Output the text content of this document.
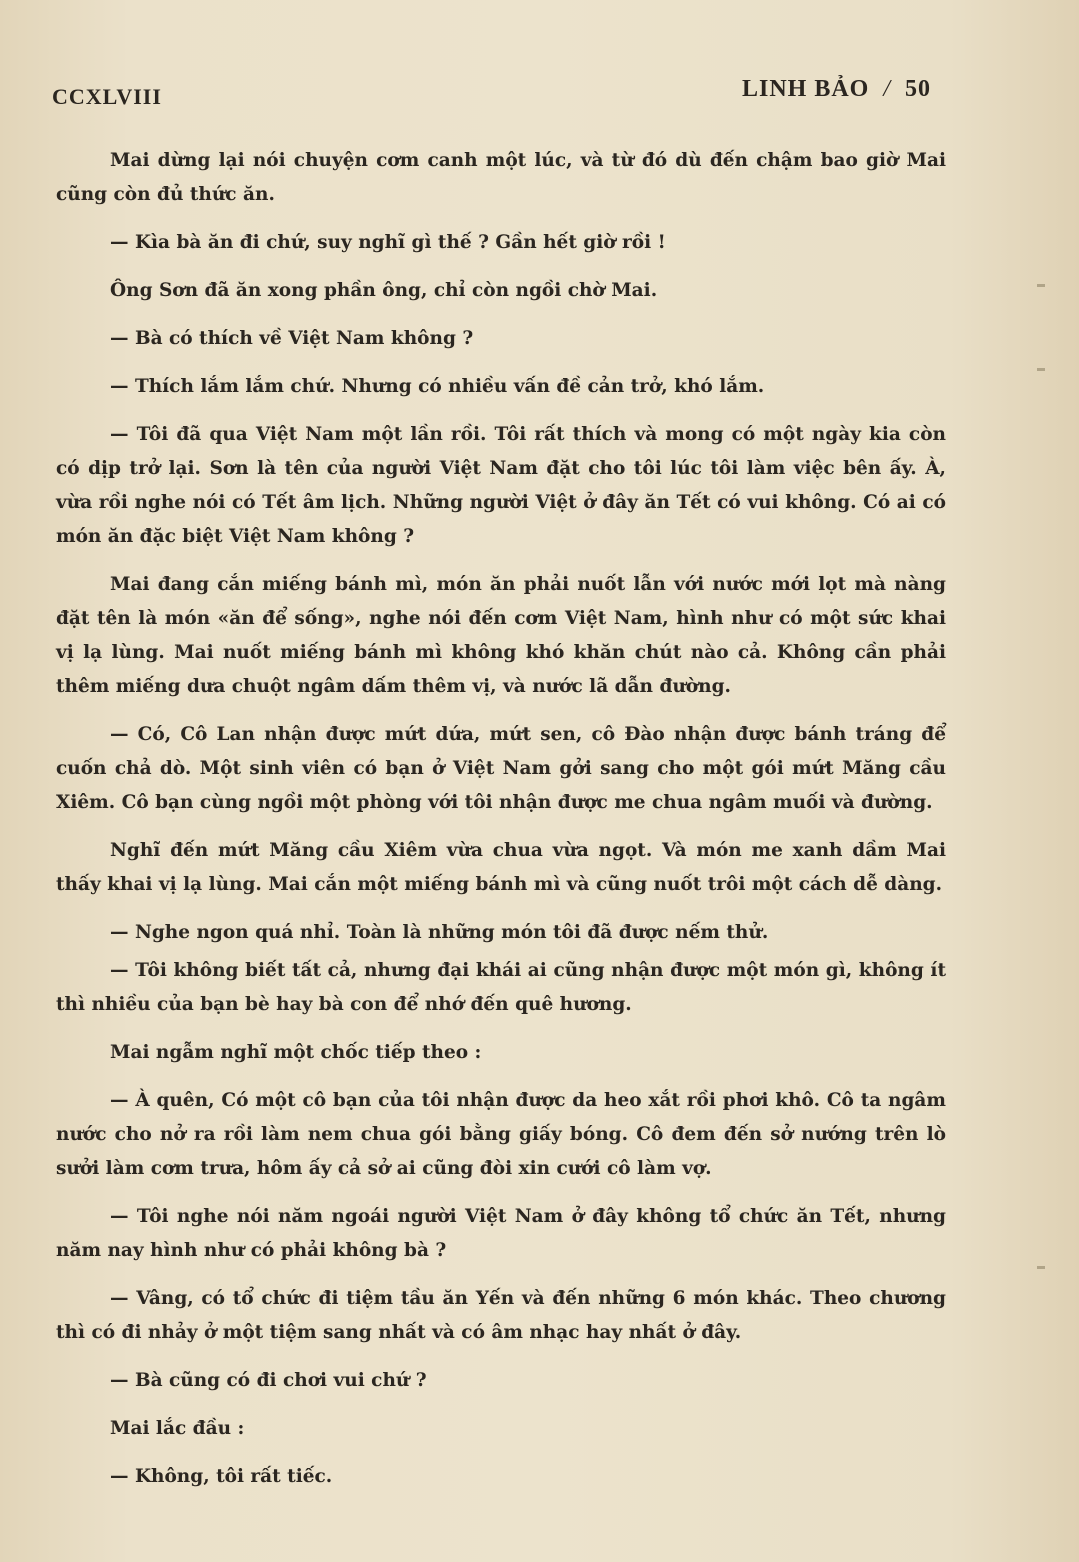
CCXLVIII	LINH BẢO / 50

Mai dừng lại nói chuyện cơm canh một lúc, và từ đó dù đến chậm bao giờ Mai cũng còn đủ thức ăn.

— Kìa bà ăn đi chứ, suy nghĩ gì thế ? Gần hết giờ rồi !

Ông Sơn đã ăn xong phần ông, chỉ còn ngồi chờ Mai.

— Bà có thích về Việt Nam không ?

— Thích lắm lắm chứ. Nhưng có nhiều vấn đề cản trở, khó lắm.

— Tôi đã qua Việt Nam một lần rồi. Tôi rất thích và mong có một ngày kia còn có dịp trở lại. Sơn là tên của người Việt Nam đặt cho tôi lúc tôi làm việc bên ấy. À, vừa rồi nghe nói có Tết âm lịch. Những người Việt ở đây ăn Tết có vui không. Có ai có món ăn đặc biệt Việt Nam không ?

Mai đang cắn miếng bánh mì, món ăn phải nuốt lẫn với nước mới lọt mà nàng đặt tên là món «ăn để sống», nghe nói đến cơm Việt Nam, hình như có một sức khai vị lạ lùng. Mai nuốt miếng bánh mì không khó khăn chút nào cả. Không cần phải thêm miếng dưa chuột ngâm dấm thêm vị, và nước lã dẫn đường.

— Có, Cô Lan nhận được mứt dứa, mứt sen, cô Đào nhận được bánh tráng để cuốn chả dò. Một sinh viên có bạn ở Việt Nam gởi sang cho một gói mứt Măng cầu Xiêm. Cô bạn cùng ngồi một phòng với tôi nhận được me chua ngâm muối và đường.

Nghĩ đến mứt Măng cầu Xiêm vừa chua vừa ngọt. Và món me xanh dầm Mai thấy khai vị lạ lùng. Mai cắn một miếng bánh mì và cũng nuốt trôi một cách dễ dàng.

— Nghe ngon quá nhỉ. Toàn là những món tôi đã được nếm thử.

— Tôi không biết tất cả, nhưng đại khái ai cũng nhận được một món gì, không ít thì nhiều của bạn bè hay bà con để nhớ đến quê hương.

Mai ngẫm nghĩ một chốc tiếp theo :

— À quên, Có một cô bạn của tôi nhận được da heo xắt rồi phơi khô. Cô ta ngâm nước cho nở ra rồi làm nem chua gói bằng giấy bóng. Cô đem đến sở nướng trên lò sưởi làm cơm trưa, hôm ấy cả sở ai cũng đòi xin cưới cô làm vợ.

— Tôi nghe nói năm ngoái người Việt Nam ở đây không tổ chức ăn Tết, nhưng năm nay hình như có phải không bà ?

— Vâng, có tổ chức đi tiệm tầu ăn Yến và đến những 6 món khác. Theo chương thì có đi nhảy ở một tiệm sang nhất và có âm nhạc hay nhất ở đây.

— Bà cũng có đi chơi vui chứ ?

Mai lắc đầu :

— Không, tôi rất tiếc.
